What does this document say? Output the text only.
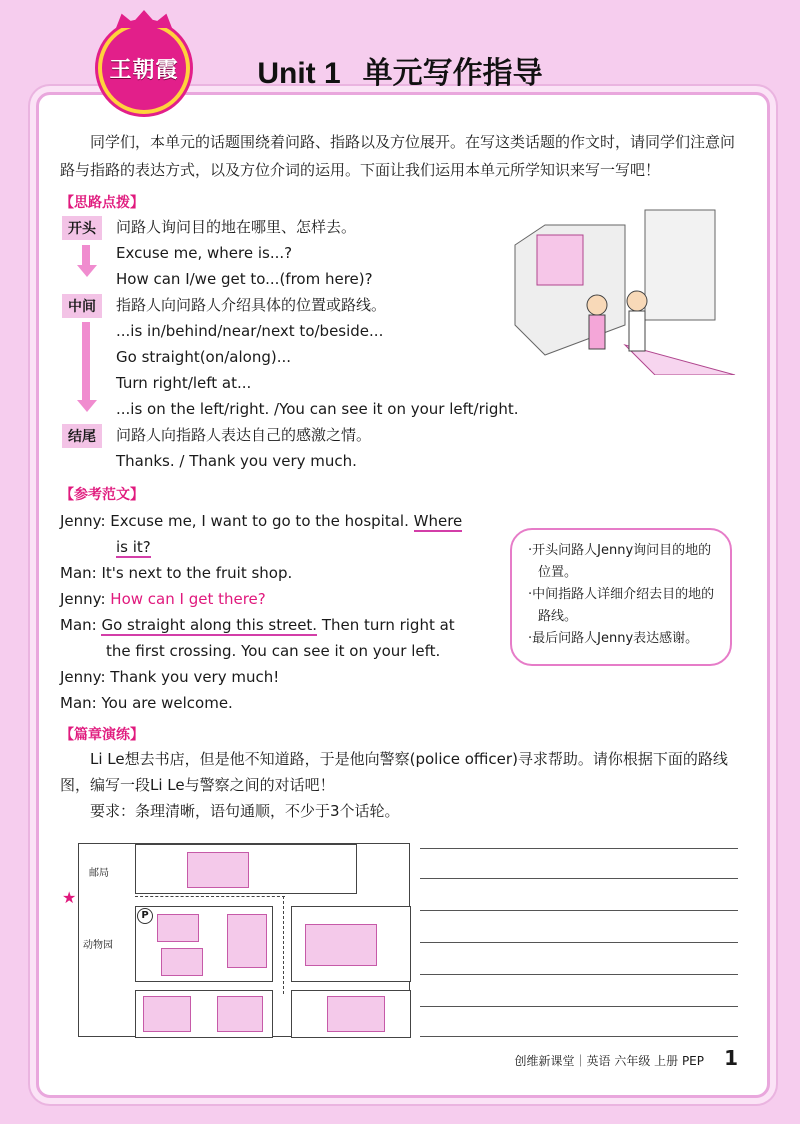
王朝霞	Unit 1 单元写作指导
同学们，本单元的话题围绕着问路、指路以及方位展开。在写这类话题的作文时，请同学们注意问路与指路的表达方式，以及方位介词的运用。下面让我们运用本单元所学知识来写一写吧！
【思路点拨】
开头
中间
结尾
问路人询问目的地在哪里、怎样去。
Excuse me, where is...?
How can I/we get to...(from here)?
指路人向问路人介绍具体的位置或路线。
...is in/behind/near/next to/beside...
Go straight(on/along)...
Turn right/left at...
...is on the left/right. /You can see it on your left/right.
问路人向指路人表达自己的感激之情。
Thanks. / Thank you very much.
【参考范文】
Jenny: Excuse me, I want to go to the hospital. Where
is it?
Man: It's next to the fruit shop.
Jenny: How can I get there?
Man: Go straight along this street. Then turn right at
the first crossing. You can see it on your left.
Jenny: Thank you very much!
Man: You are welcome.

·开头问路人Jenny询问目的地的位置。

·中间指路人详细介绍去目的地的路线。

·最后问路人Jenny表达感谢。

【篇章演练】
Li Le想去书店，但是他不知道路，于是他向警察(police officer)寻求帮助。请你根据下面的路线图，编写一段Li Le与警察之间的对话吧！
要求：条理清晰，语句通顺，不少于3个话轮。
★
邮局
动物园
P
创维新课堂｜英语 六年级 上册 PEP 1
